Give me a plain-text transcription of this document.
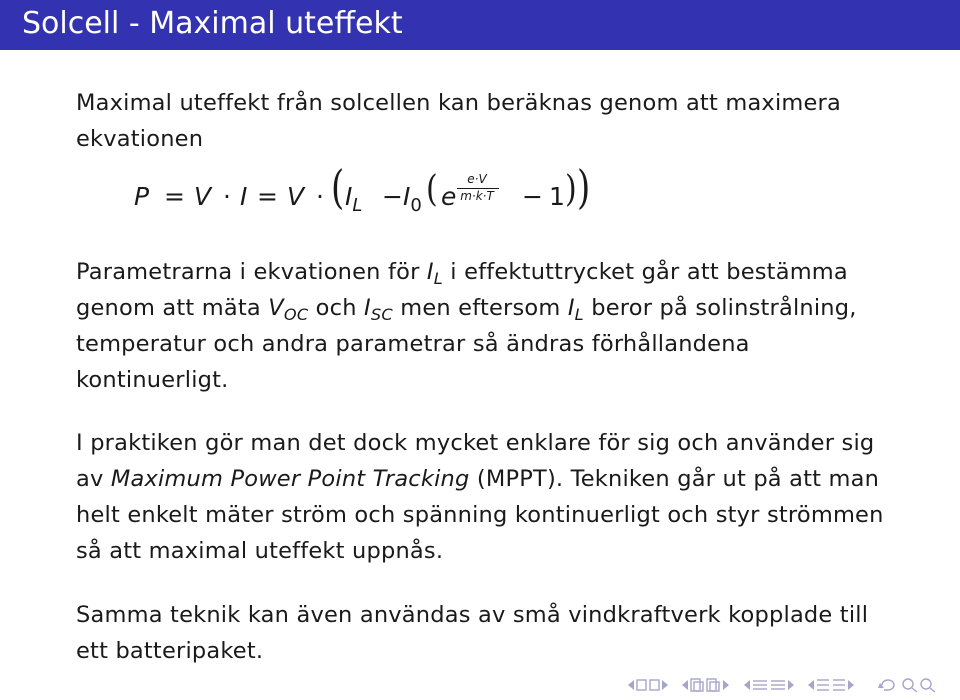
Solcell - Maximal uteffekt
Maximal uteffekt från solcellen kan beräknas genom att maximera ekvationen
P = V · I = V · ( $I_L - I_0$ ( e
e·V
m·k·T − 1 ) )
Parametrarna i ekvationen för $I_L$ i effektuttrycket går att bestämma genom att mäta $V_{OC}$ och $I_{SC}$ men eftersom $I_L$ beror på solinstrålning, temperatur och andra parametrar så ändras förhållandena kontinuerligt.
I praktiken gör man det dock mycket enklare för sig och använder sig av Maximum Power Point Tracking (MPPT). Tekniken går ut på att man helt enkelt mäter ström och spänning kontinuerligt och styr strömmen så att maximal uteffekt uppnås.
Samma teknik kan även användas av små vindkraftverk kopplade till ett batteripaket.
